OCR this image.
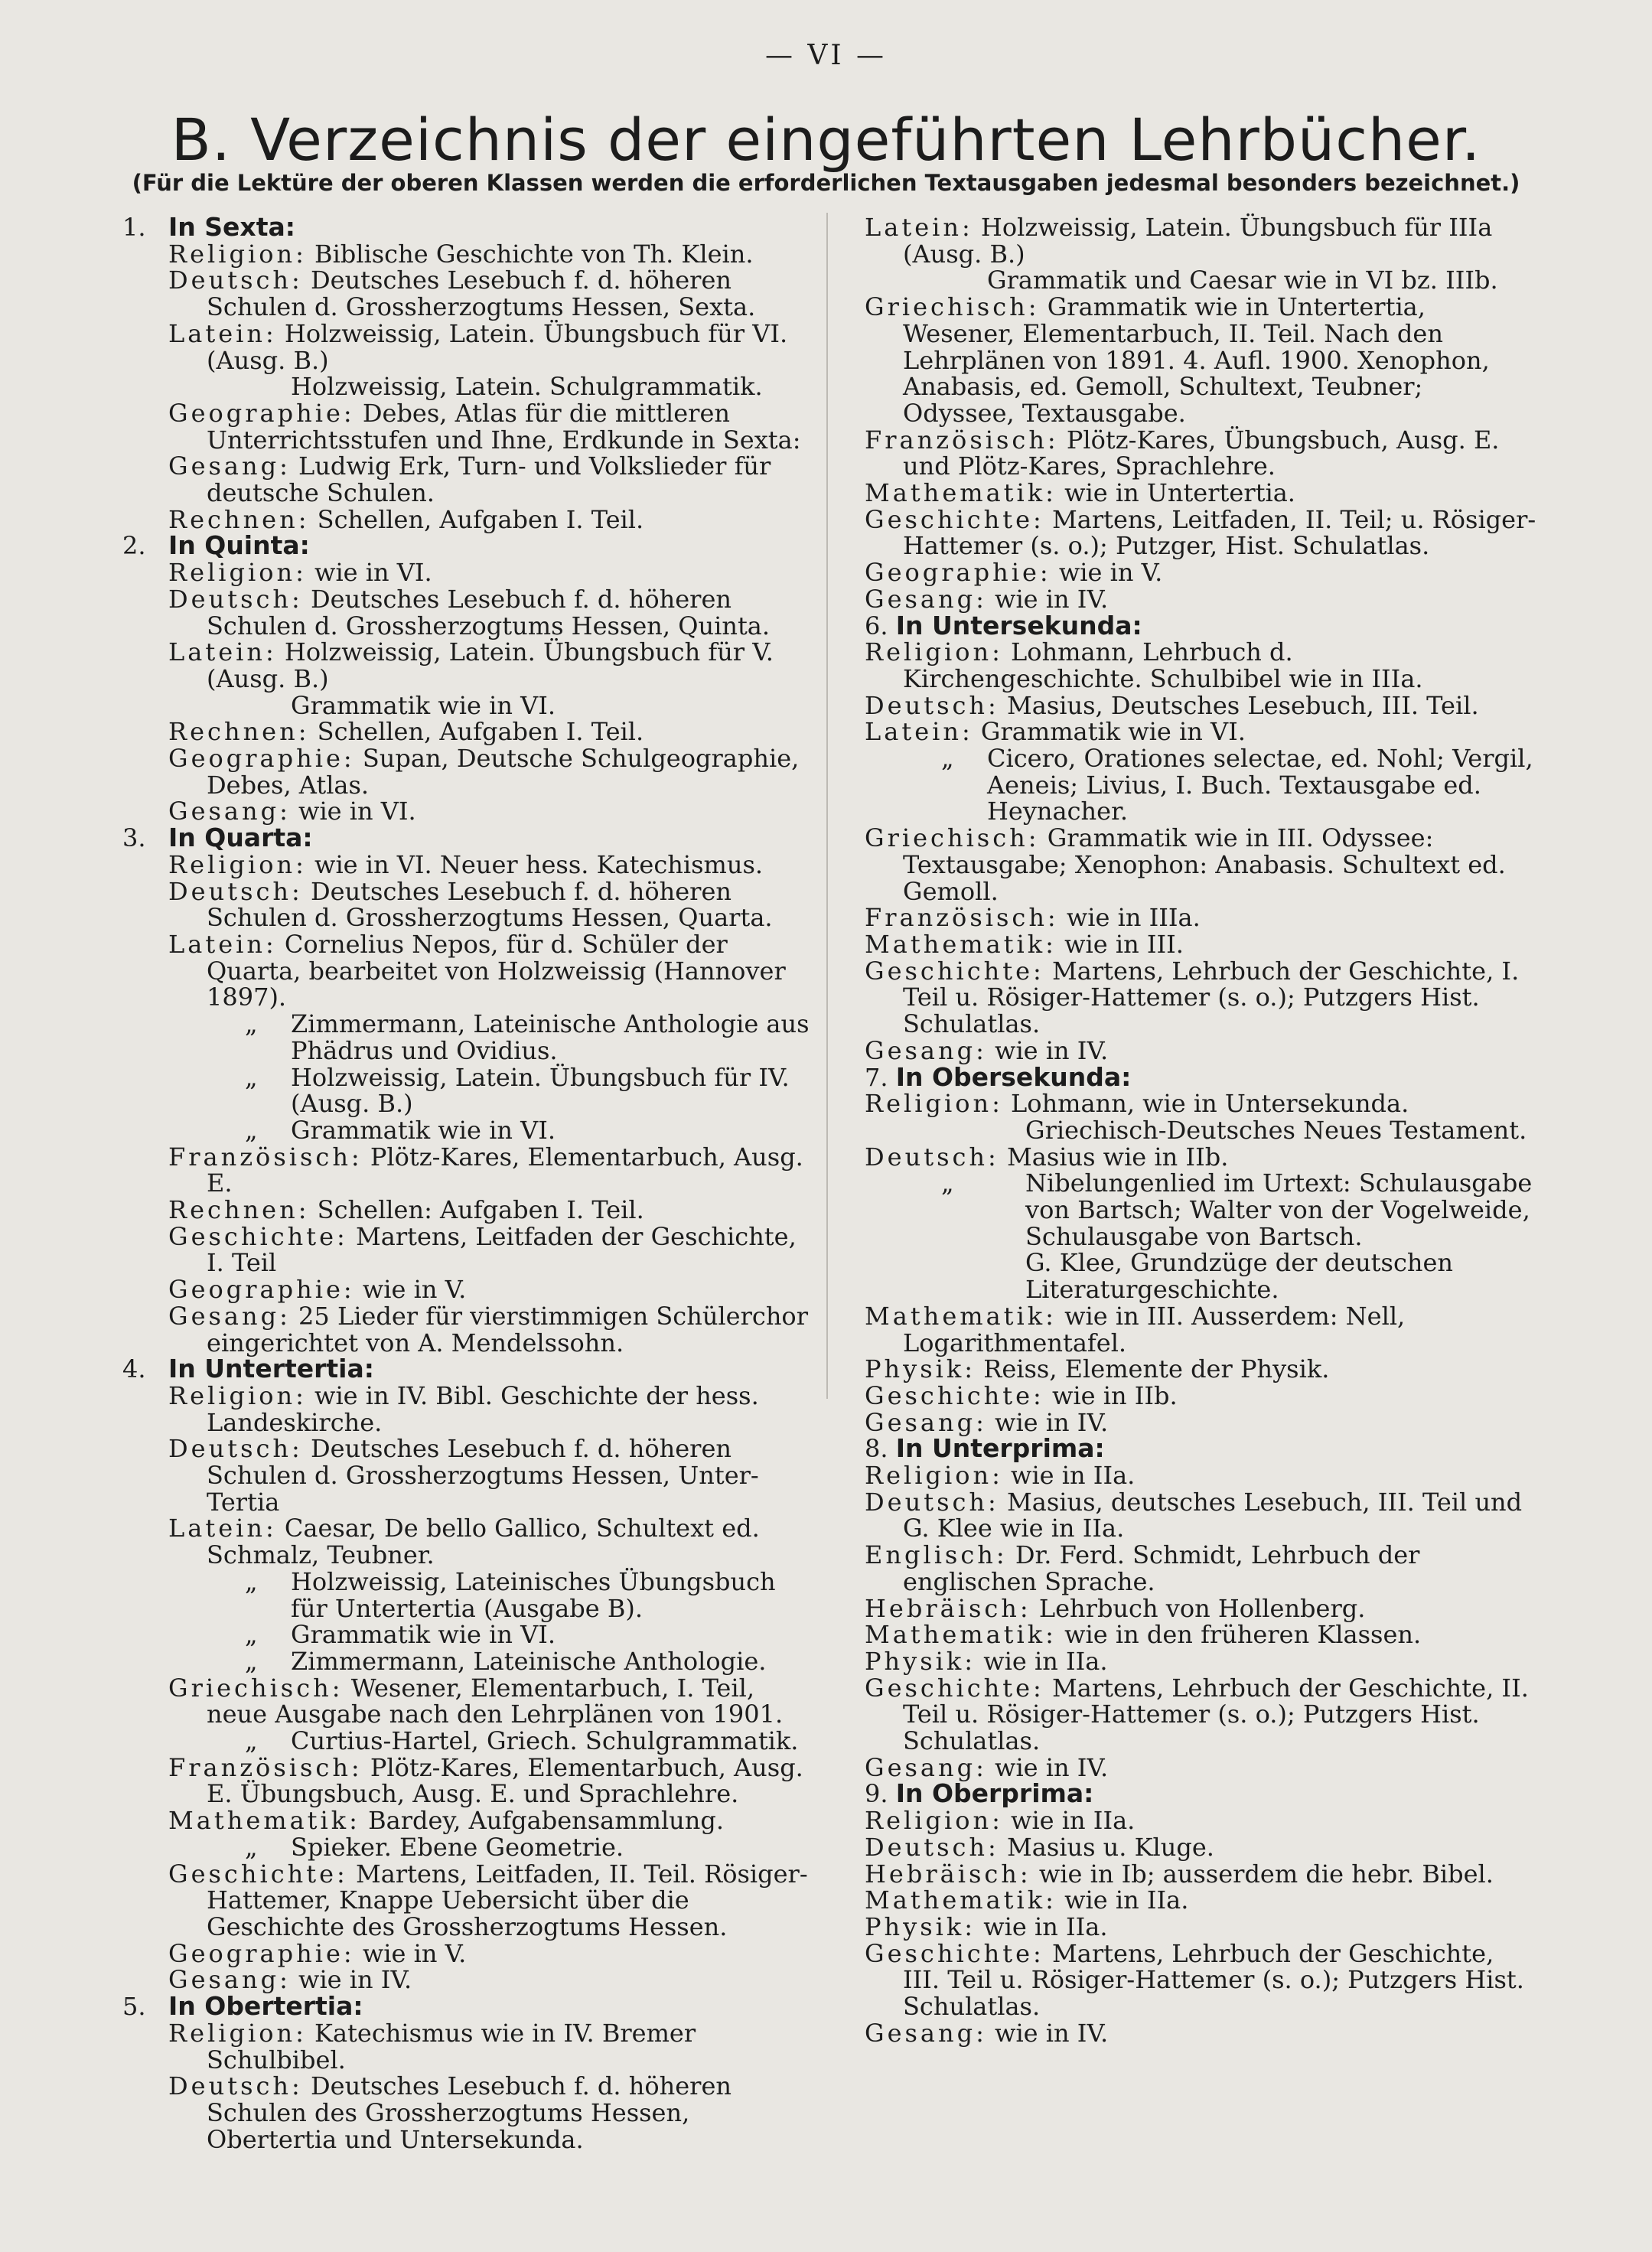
— VI —
B. Verzeichnis der eingeführten Lehrbücher.
(Für die Lektüre der oberen Klassen werden die erforderlichen Textausgaben jedesmal besonders bezeichnet.)
1. In Sexta:
Religion: Biblische Geschichte von Th. Klein.
Deutsch: Deutsches Lesebuch f. d. höheren Schulen d. Grossherzogtums Hessen, Sexta.
Latein: Holzweissig, Latein. Übungsbuch für VI. (Ausg. B.)
Holzweissig, Latein. Schulgrammatik.
Geographie: Debes, Atlas für die mittleren Unterrichtsstufen und Ihne, Erdkunde in Sexta:
Gesang: Ludwig Erk, Turn- und Volkslieder für deutsche Schulen.
Rechnen: Schellen, Aufgaben I. Teil.
2. In Quinta:
Religion: wie in VI.
Deutsch: Deutsches Lesebuch f. d. höheren Schulen d. Grossherzogtums Hessen, Quinta.
Latein: Holzweissig, Latein. Übungsbuch für V. (Ausg. B.)
Grammatik wie in VI.
Rechnen: Schellen, Aufgaben I. Teil.
Geographie: Supan, Deutsche Schulgeographie, Debes, Atlas.
Gesang: wie in VI.
3. In Quarta:
Religion: wie in VI. Neuer hess. Katechismus.
Deutsch: Deutsches Lesebuch f. d. höheren Schulen d. Grossherzogtums Hessen, Quarta.
Latein: Cornelius Nepos, für d. Schüler der Quarta, bearbeitet von Holzweissig (Hannover 1897).
„ Zimmermann, Lateinische Anthologie aus Phädrus und Ovidius.
„ Holzweissig, Latein. Übungsbuch für IV. (Ausg. B.)
„ Grammatik wie in VI.
Französisch: Plötz-Kares, Elementarbuch, Ausg. E.
Rechnen: Schellen: Aufgaben I. Teil.
Geschichte: Martens, Leitfaden der Geschichte, I. Teil
Geographie: wie in V.
Gesang: 25 Lieder für vierstimmigen Schülerchor eingerichtet von A. Mendelssohn.
4. In Untertertia:
Religion: wie in IV. Bibl. Geschichte der hess. Landeskirche.
Deutsch: Deutsches Lesebuch f. d. höheren Schulen d. Grossherzogtums Hessen, Unter-Tertia
Latein: Caesar, De bello Gallico, Schultext ed. Schmalz, Teubner.
„ Holzweissig, Lateinisches Übungsbuch für Untertertia (Ausgabe B).
„ Grammatik wie in VI.
„ Zimmermann, Lateinische Anthologie.
Griechisch: Wesener, Elementarbuch, I. Teil, neue Ausgabe nach den Lehrplänen von 1901.
„ Curtius-Hartel, Griech. Schulgrammatik.
Französisch: Plötz-Kares, Elementarbuch, Ausg. E. Übungsbuch, Ausg. E. und Sprachlehre.
Mathematik: Bardey, Aufgabensammlung.
„ Spieker. Ebene Geometrie.
Geschichte: Martens, Leitfaden, II. Teil. Rösiger-Hattemer, Knappe Uebersicht über die Geschichte des Grossherzogtums Hessen.
Geographie: wie in V.
Gesang: wie in IV.
5. In Obertertia:
Religion: Katechismus wie in IV. Bremer Schulbibel.
Deutsch: Deutsches Lesebuch f. d. höheren Schulen des Grossherzogtums Hessen, Obertertia und Untersekunda.
Latein: Holzweissig, Latein. Übungsbuch für IIIa (Ausg. B.)
Grammatik und Caesar wie in VI bz. IIIb.
Griechisch: Grammatik wie in Untertertia, Wesener, Elementarbuch, II. Teil. Nach den Lehrplänen von 1891. 4. Aufl. 1900. Xenophon, Anabasis, ed. Gemoll, Schultext, Teubner; Odyssee, Textausgabe.
Französisch: Plötz-Kares, Übungsbuch, Ausg. E. und Plötz-Kares, Sprachlehre.
Mathematik: wie in Untertertia.
Geschichte: Martens, Leitfaden, II. Teil; u. Rösiger-Hattemer (s. o.); Putzger, Hist. Schulatlas.
Geographie: wie in V.
Gesang: wie in IV.
6. In Untersekunda:
Religion: Lohmann, Lehrbuch d. Kirchengeschichte. Schulbibel wie in IIIa.
Deutsch: Masius, Deutsches Lesebuch, III. Teil.
Latein: Grammatik wie in VI.
„ Cicero, Orationes selectae, ed. Nohl; Vergil, Aeneis; Livius, I. Buch. Textausgabe ed. Heynacher.
Griechisch: Grammatik wie in III. Odyssee: Textausgabe; Xenophon: Anabasis. Schultext ed. Gemoll.
Französisch: wie in IIIa.
Mathematik: wie in III.
Geschichte: Martens, Lehrbuch der Geschichte, I. Teil u. Rösiger-Hattemer (s. o.); Putzgers Hist. Schulatlas.
Gesang: wie in IV.
7. In Obersekunda:
Religion: Lohmann, wie in Untersekunda.
Griechisch-Deutsches Neues Testament.
Deutsch: Masius wie in IIb.
„ Nibelungenlied im Urtext: Schulausgabe von Bartsch; Walter von der Vogelweide, Schulausgabe von Bartsch.
G. Klee, Grundzüge der deutschen Literaturgeschichte.
Mathematik: wie in III. Ausserdem: Nell, Logarithmentafel.
Physik: Reiss, Elemente der Physik.
Geschichte: wie in IIb.
Gesang: wie in IV.
8. In Unterprima:
Religion: wie in IIa.
Deutsch: Masius, deutsches Lesebuch, III. Teil und G. Klee wie in IIa.
Englisch: Dr. Ferd. Schmidt, Lehrbuch der englischen Sprache.
Hebräisch: Lehrbuch von Hollenberg.
Mathematik: wie in den früheren Klassen.
Physik: wie in IIa.
Geschichte: Martens, Lehrbuch der Geschichte, II. Teil u. Rösiger-Hattemer (s. o.); Putzgers Hist. Schulatlas.
Gesang: wie in IV.
9. In Oberprima:
Religion: wie in IIa.
Deutsch: Masius u. Kluge.
Hebräisch: wie in Ib; ausserdem die hebr. Bibel.
Mathematik: wie in IIa.
Physik: wie in IIa.
Geschichte: Martens, Lehrbuch der Geschichte, III. Teil u. Rösiger-Hattemer (s. o.); Putzgers Hist. Schulatlas.
Gesang: wie in IV.
